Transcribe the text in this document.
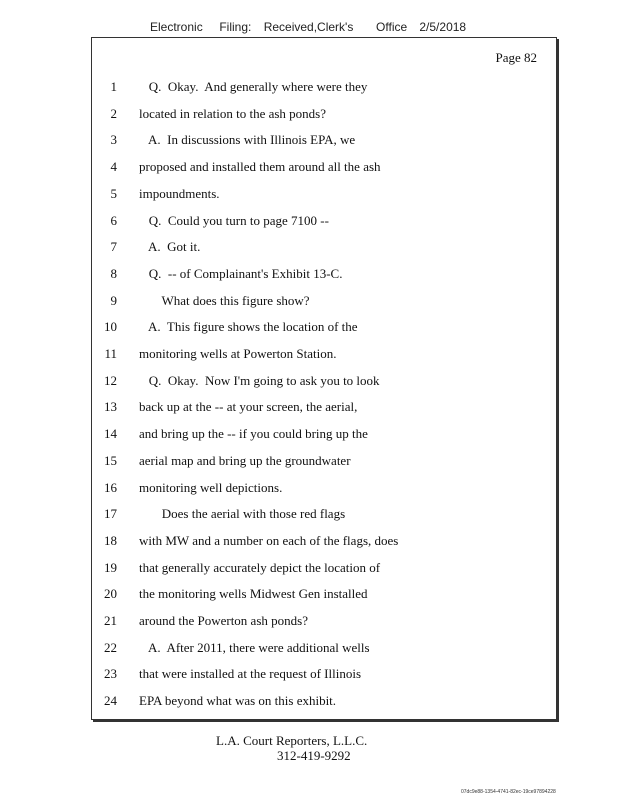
Electronic Filing: Received,Clerk's Office 2/5/2018
Page 82
1 Q.  Okay.  And generally where were they
2 located in relation to the ash ponds?
3 A.  In discussions with Illinois EPA, we
4 proposed and installed them around all the ash
5 impoundments.
6 Q.  Could you turn to page 7100 --
7 A.  Got it.
8 Q.  -- of Complainant's Exhibit 13-C.
9 What does this figure show?
10 A.  This figure shows the location of the
11 monitoring wells at Powerton Station.
12 Q.  Okay.  Now I'm going to ask you to look
13 back up at the -- at your screen, the aerial,
14 and bring up the -- if you could bring up the
15 aerial map and bring up the groundwater
16 monitoring well depictions.
17 Does the aerial with those red flags
18 with MW and a number on each of the flags, does
19 that generally accurately depict the location of
20 the monitoring wells Midwest Gen installed
21 around the Powerton ash ponds?
22 A.  After 2011, there were additional wells
23 that were installed at the request of Illinois
24 EPA beyond what was on this exhibit.
L.A. Court Reporters, L.L.C.
312-419-9292
07dc9e88-1354-4741-82ec-19ce97894228
